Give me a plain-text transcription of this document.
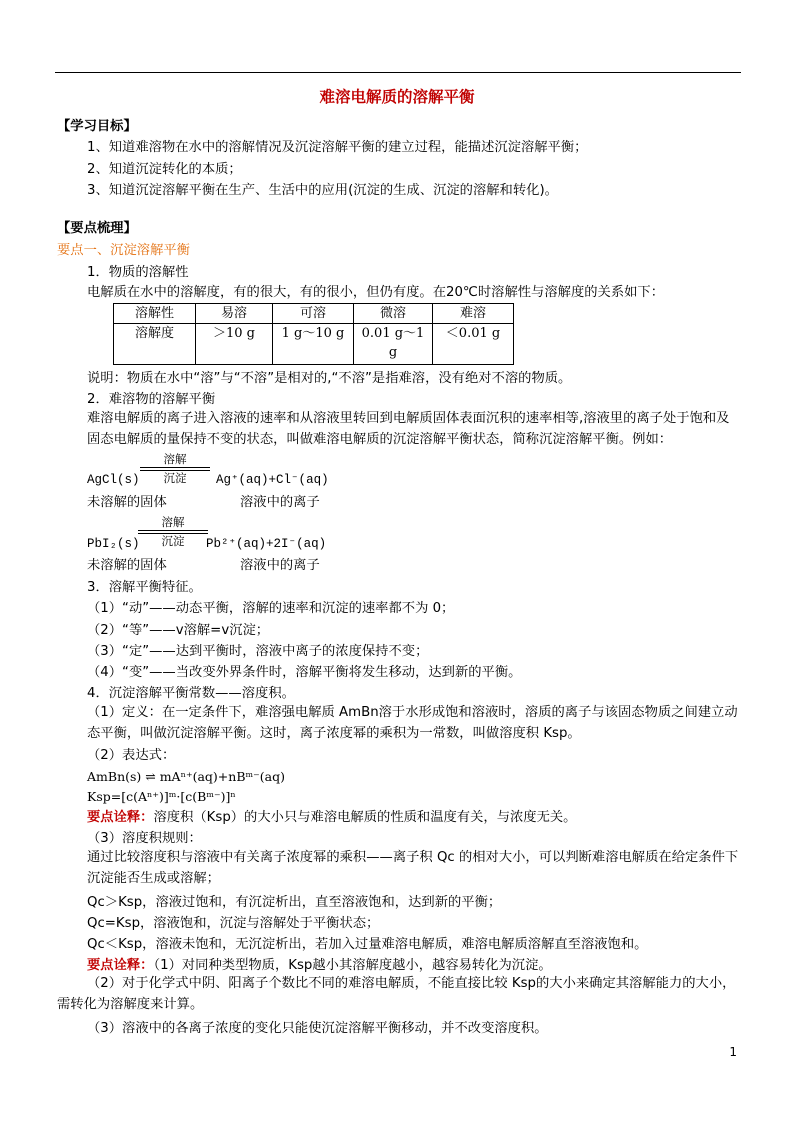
难溶电解质的溶解平衡
【学习目标】
1、知道难溶物在水中的溶解情况及沉淀溶解平衡的建立过程，能描述沉淀溶解平衡；
2、知道沉淀转化的本质；
3、知道沉淀溶解平衡在生产、生活中的应用(沉淀的生成、沉淀的溶解和转化)。
【要点梳理】
要点一、沉淀溶解平衡
1．物质的溶解性
电解质在水中的溶解度，有的很大，有的很小，但仍有度。在20℃时溶解性与溶解度的关系如下：
溶解性	易溶	可溶	微溶	难溶
溶解度	＞10 g	1 g～10 g	0.01 g～1
g	＜0.01 g
说明：物质在水中“溶”与“不溶”是相对的,“不溶”是指难溶，没有绝对不溶的物质。
2．难溶物的溶解平衡
难溶电解质的离子进入溶液的速率和从溶液里转回到电解质固体表面沉积的速率相等,溶液里的离子处于饱和及固态电解质的量保持不变的状态，叫做难溶电解质的沉淀溶解平衡状态，简称沉淀溶解平衡。例如：
AgCl(s)
溶解
沉淀	Ag⁺(aq)+Cl⁻(aq)
未溶解的固体	溶液中的离子
PbI₂(s)
溶解
沉淀	Pb²⁺(aq)+2I⁻(aq)
未溶解的固体	溶液中的离子
3．溶解平衡特征。
（1）“动”——动态平衡，溶解的速率和沉淀的速率都不为 0；
（2）“等”——v溶解=v沉淀；
（3）“定”——达到平衡时，溶液中离子的浓度保持不变；
（4）“变”——当改变外界条件时，溶解平衡将发生移动，达到新的平衡。
4．沉淀溶解平衡常数——溶度积。
（1）定义：在一定条件下，难溶强电解质 AmBn溶于水形成饱和溶液时，溶质的离子与该固态物质之间建立动态平衡，叫做沉淀溶解平衡。这时，离子浓度幂的乘积为一常数，叫做溶度积 Ksp。
（2）表达式：
AmBn(s) ⇌ mAⁿ⁺(aq)+nBᵐ⁻(aq)
Ksp=[c(Aⁿ⁺)]ᵐ·[c(Bᵐ⁻)]ⁿ
要点诠释：溶度积（Ksp）的大小只与难溶电解质的性质和温度有关，与浓度无关。
（3）溶度积规则：
通过比较溶度积与溶液中有关离子浓度幂的乘积——离子积 Qc 的相对大小，可以判断难溶电解质在给定条件下沉淀能否生成或溶解；
Qc＞Ksp，溶液过饱和，有沉淀析出，直至溶液饱和，达到新的平衡；
Qc=Ksp，溶液饱和，沉淀与溶解处于平衡状态；
Qc＜Ksp，溶液未饱和，无沉淀析出，若加入过量难溶电解质，难溶电解质溶解直至溶液饱和。
要点诠释：（1）对同种类型物质，Ksp越小其溶解度越小，越容易转化为沉淀。
（2）对于化学式中阴、阳离子个数比不同的难溶电解质，不能直接比较 Ksp的大小来确定其溶解能力的大小，需转化为溶解度来计算。
（3）溶液中的各离子浓度的变化只能使沉淀溶解平衡移动，并不改变溶度积。
1
